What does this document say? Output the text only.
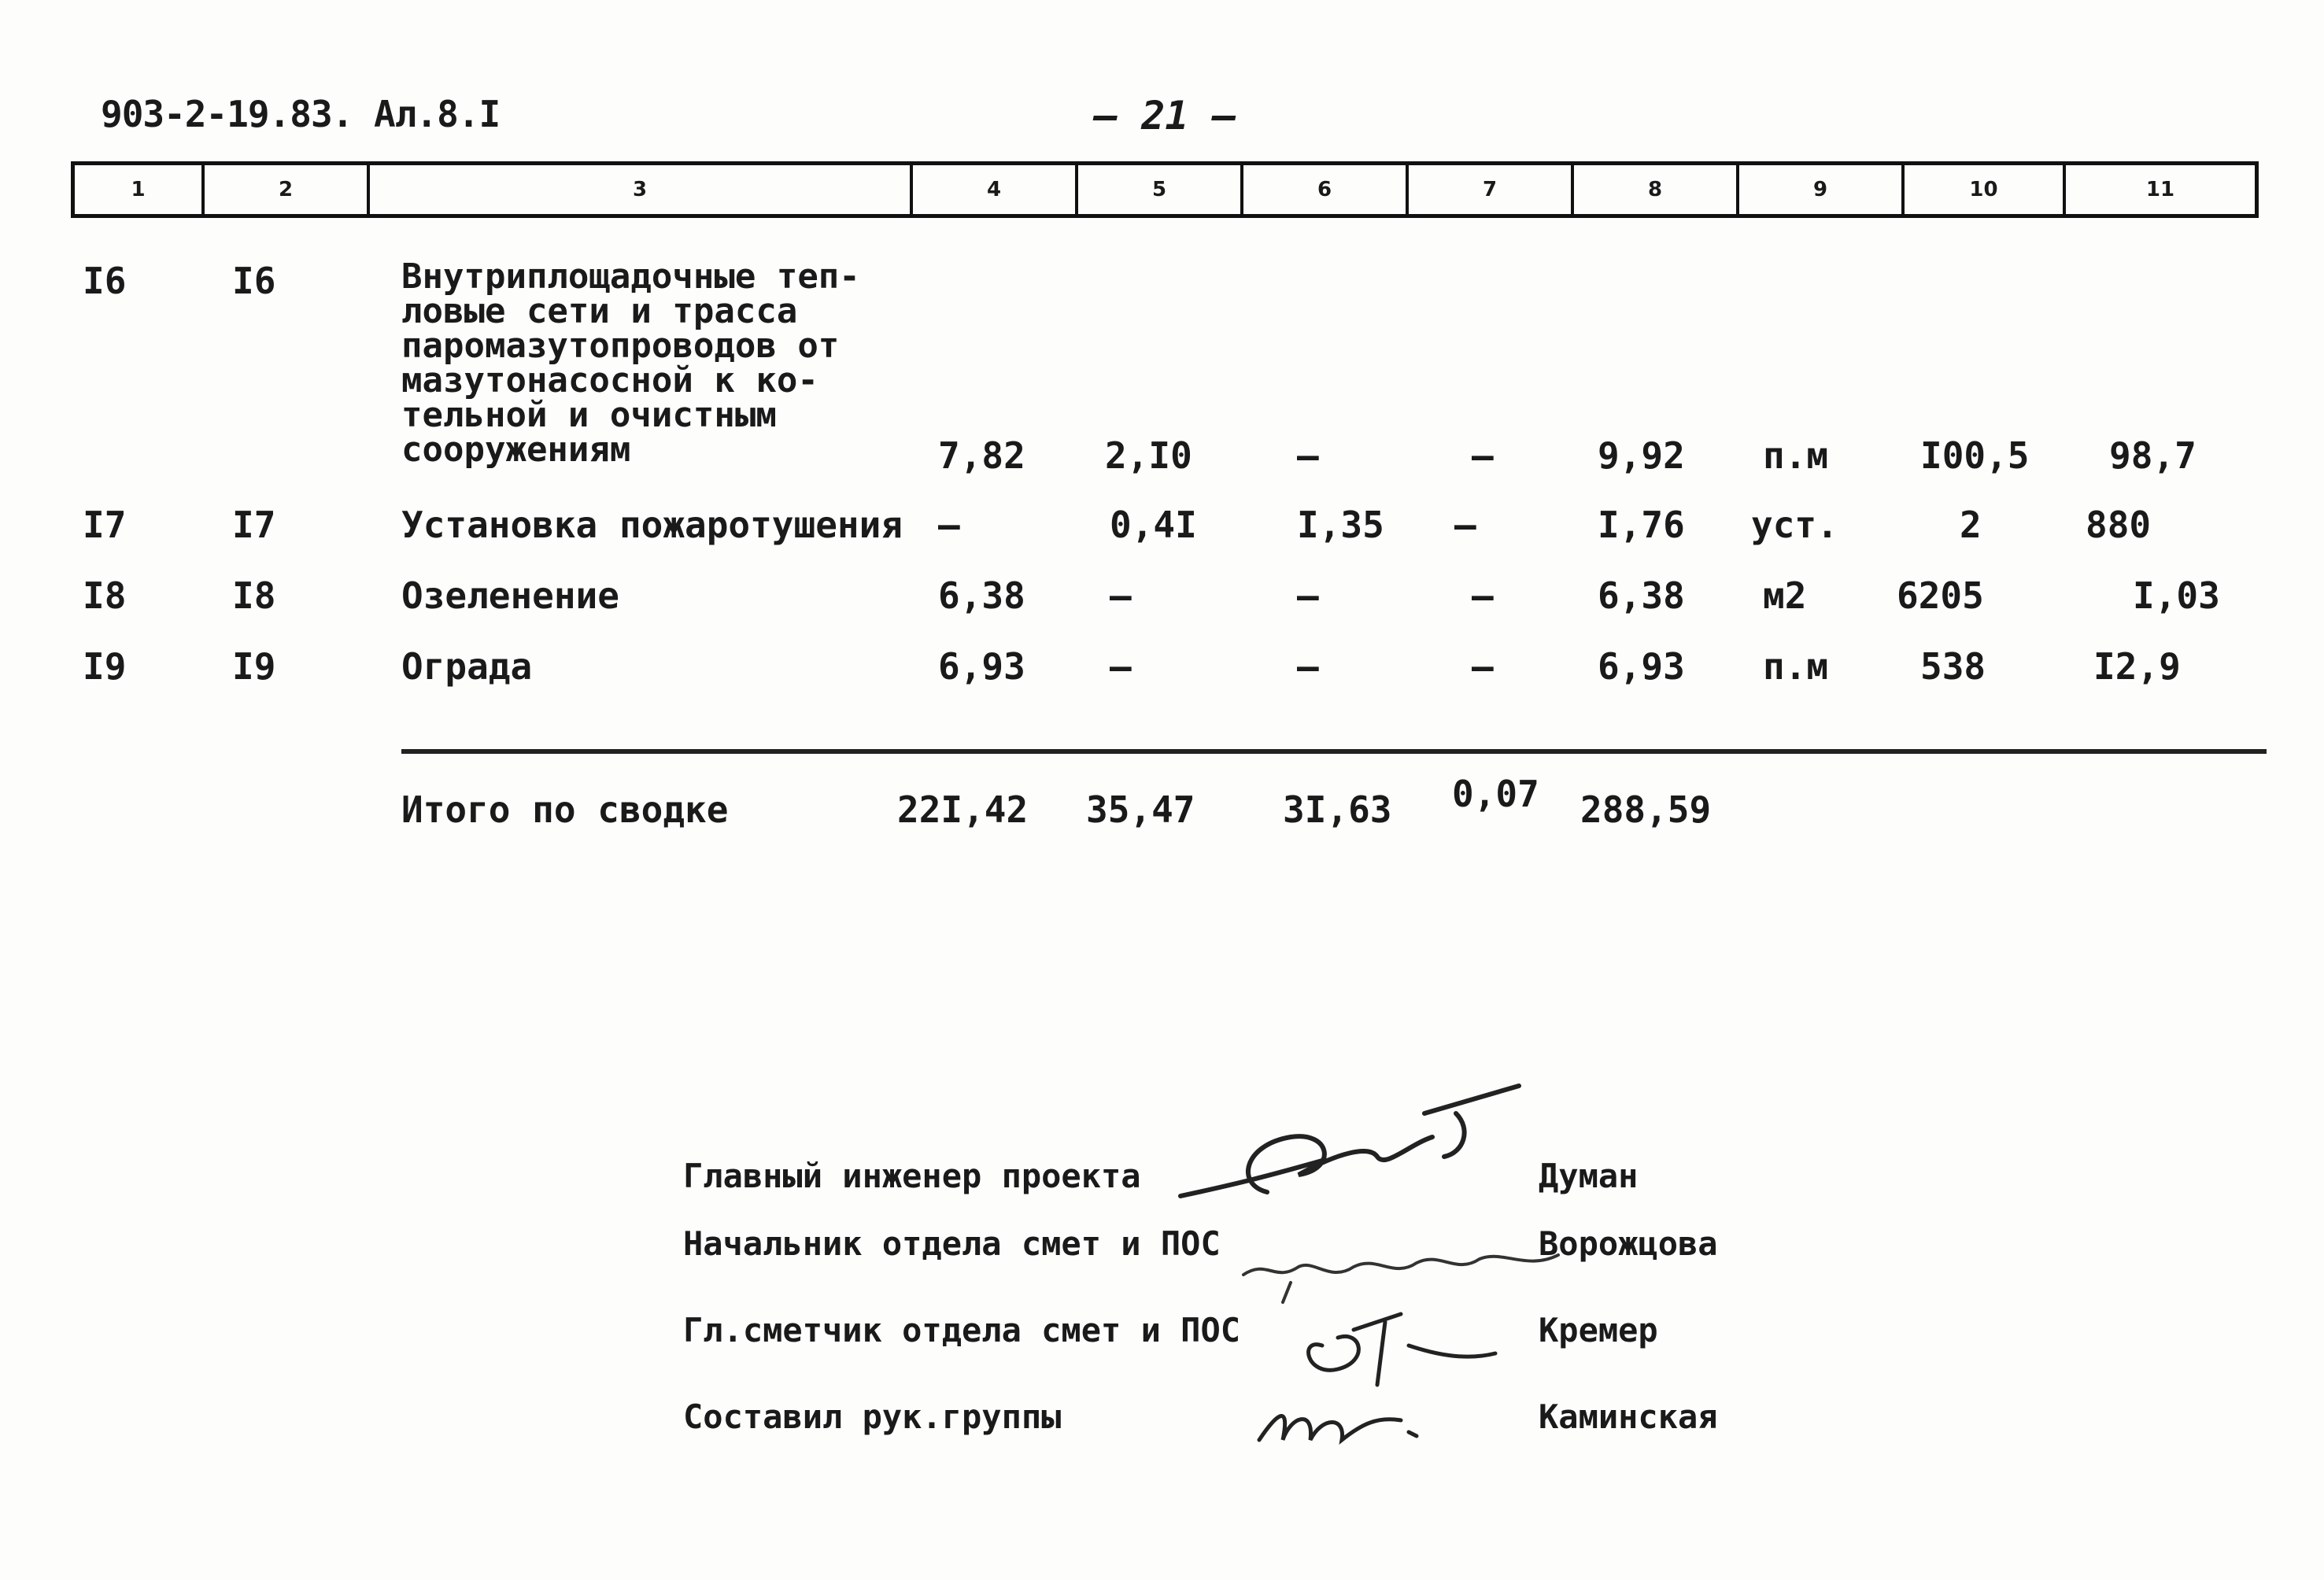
903-2-19.83. Ал.8.I	— 21 —
1	2	3	4	5	6	7	8	9	10	11
I6	I6	Внутриплощадочные теп-
ловые сети и трасса
паромазутопроводов от
мазутонасосной к ко-
тельной и очистным
сооружениям	7,82 2,I0	–	–	9,92 п.м	I00,5 98,7
I7	I7	Установка пожаротушения –	0,4I	I,35 –	I,76 уст.	2	880
I8	I8	Озеленение	6,38 –	–	–	6,38 м2 6205	I,03
I9	I9	Ограда	6,93 –	–	–	6,93 п.м	538	I2,9
Итого по сводке	22I,42 35,47 3I,63 0,07 288,59
Главный инженер проекта	Думан
Начальник отдела смет и ПОС	Ворожцова
Гл.сметчик отдела смет и ПОС	Кремер
Составил рук.группы	Каминская
